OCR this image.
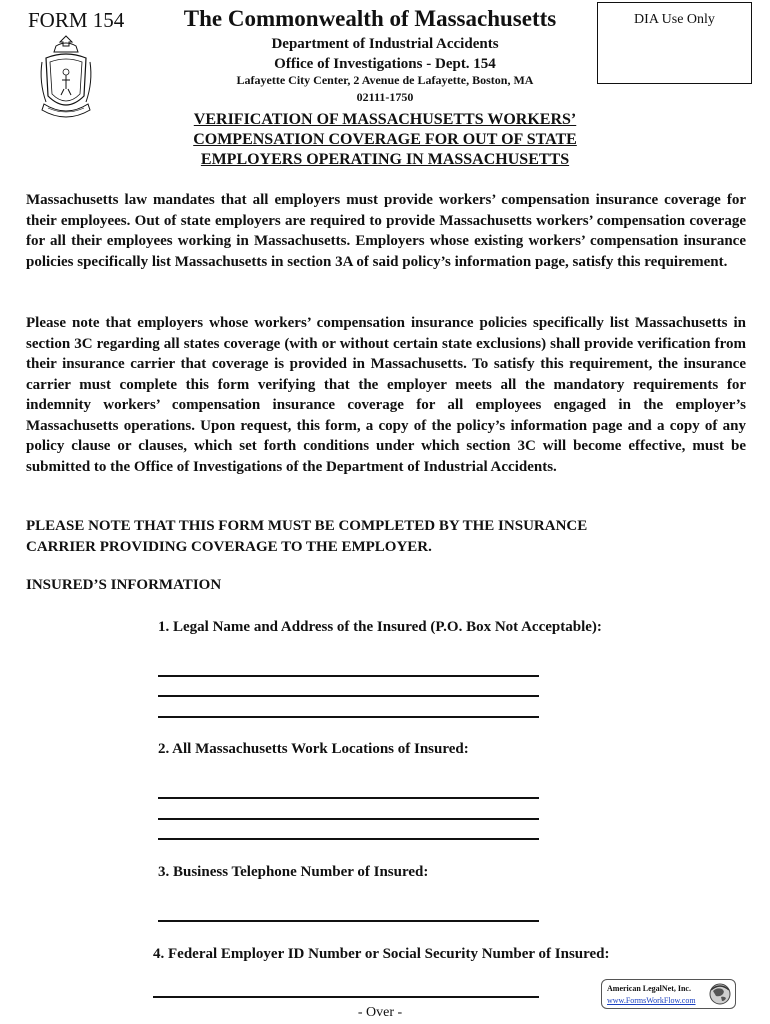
FORM 154	The Commonwealth of Massachusetts
Department of Industrial Accidents
Office of Investigations - Dept. 154
Lafayette City Center, 2 Avenue de Lafayette, Boston, MA
02111-1750
DIA Use Only
VERIFICATION OF MASSACHUSETTS WORKERS’
COMPENSATION COVERAGE FOR OUT OF STATE
EMPLOYERS OPERATING IN MASSACHUSETTS
Massachusetts law mandates that all employers must provide workers’ compensation insurance coverage for their employees. Out of state employers are required to provide Massachusetts workers’ compensation coverage for all their employees working in Massachusetts. Employers whose existing workers’ compensation insurance policies specifically list Massachusetts in section 3A of said policy’s information page, satisfy this requirement.
Please note that employers whose workers’ compensation insurance policies specifically list Massachusetts in section 3C regarding all states coverage (with or without certain state exclusions) shall provide verification from their insurance carrier that coverage is provided in Massachusetts. To satisfy this requirement, the insurance carrier must complete this form verifying that the employer meets all the mandatory requirements for indemnity workers’ compensation insurance coverage for all employees engaged in the employer’s Massachusetts operations. Upon request, this form, a copy of the policy’s information page and a copy of any policy clause or clauses, which set forth conditions under which section 3C will become effective, must be submitted to the Office of Investigations of the Department of Industrial Accidents.
PLEASE NOTE THAT THIS FORM MUST BE COMPLETED BY THE INSURANCE
CARRIER PROVIDING COVERAGE TO THE EMPLOYER.
INSURED’S INFORMATION
1. Legal Name and Address of the Insured (P.O. Box Not Acceptable):
2. All Massachusetts Work Locations of Insured:
3. Business Telephone Number of Insured:
4. Federal Employer ID Number or Social Security Number of Insured:
- Over -
American LegalNet, Inc.
www.FormsWorkFlow.com
